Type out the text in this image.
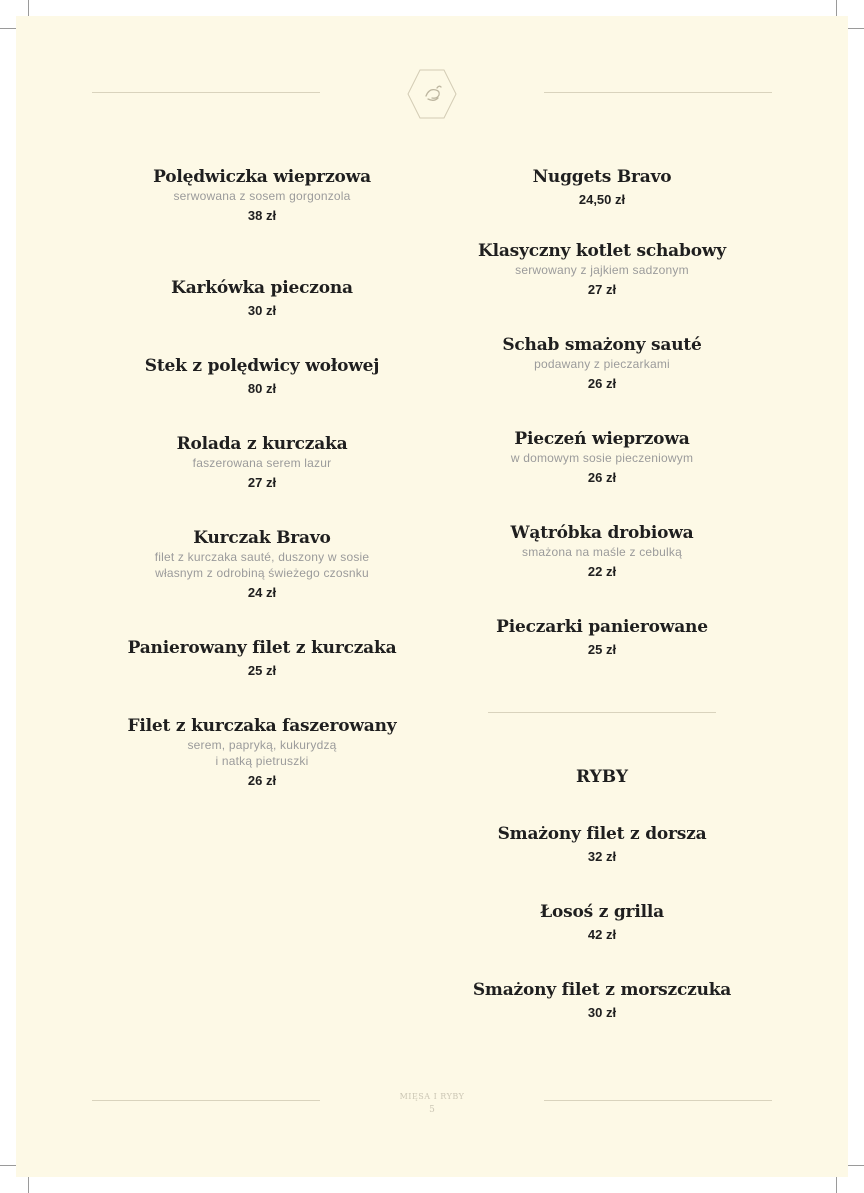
Polędwiczka wieprzowa
serwowana z sosem gorgonzola
38 zł
Karkówka pieczona
30 zł
Stek z polędwicy wołowej
80 zł
Rolada z kurczaka
faszerowana serem lazur
27 zł
Kurczak Bravo
filet z kurczaka sauté, duszony w sosie
własnym z odrobiną świeżego czosnku
24 zł
Panierowany filet z kurczaka
25 zł
Filet z kurczaka faszerowany
serem, papryką, kukurydzą
i natką pietruszki
26 zł
Nuggets Bravo
24,50 zł
Klasyczny kotlet schabowy
serwowany z jajkiem sadzonym
27 zł
Schab smażony sauté
podawany z pieczarkami
26 zł
Pieczeń wieprzowa
w domowym sosie pieczeniowym
26 zł
Wątróbka drobiowa
smażona na maśle z cebulką
22 zł
Pieczarki panierowane
25 zł
RYBY
Smażony filet z dorsza
32 zł
Łosoś z grilla
42 zł
Smażony filet z morszczuka
30 zł
MIĘSA I RYBY
5
